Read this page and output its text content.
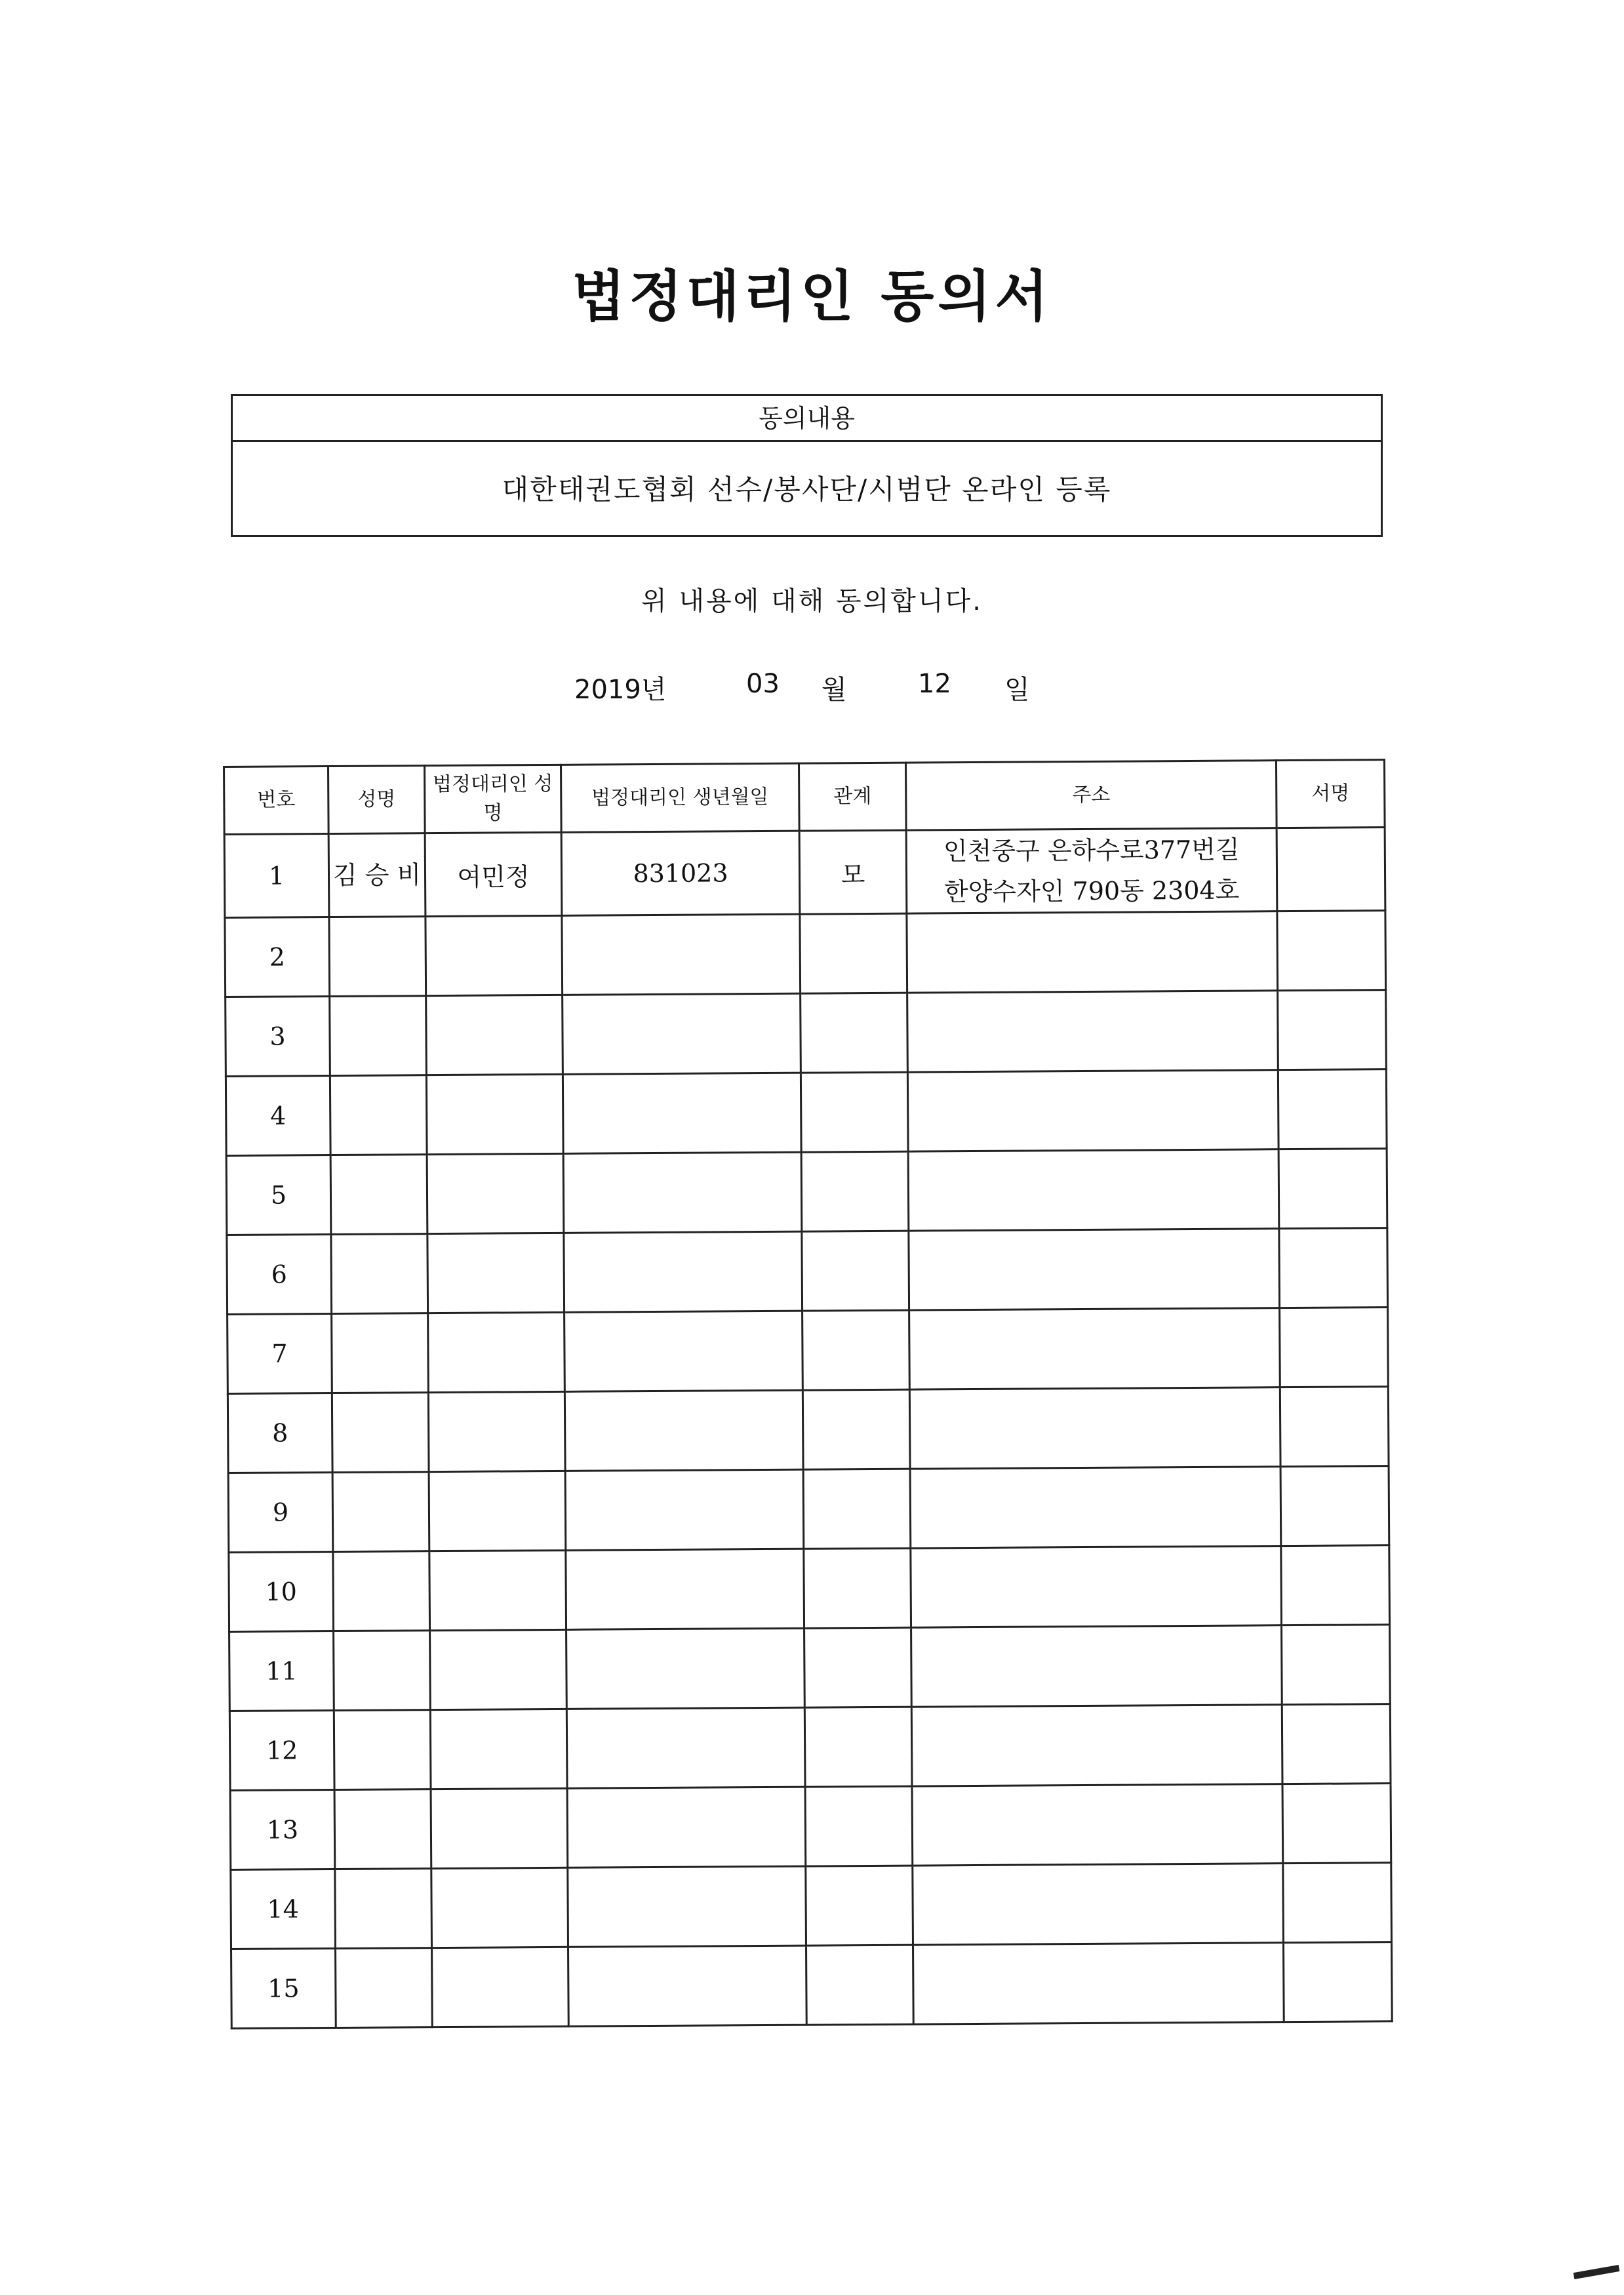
법정대리인 동의서
동의내용
대한태권도협회 선수/봉사단/시범단 온라인 등록
위 내용에 대해 동의합니다.
2019년	03 월	12 일
번호	성명	법정대리인 성명	법정대리인 생년월일	관계	주소	서명
1	김 승 비	여민정	831023	모	인천중구 은하수로377번길
한양수자인 790동 2304호	

2					

3					

4					

5					

6					

7					

8					

9					

10					

11					

12					

13					

14					

15					
